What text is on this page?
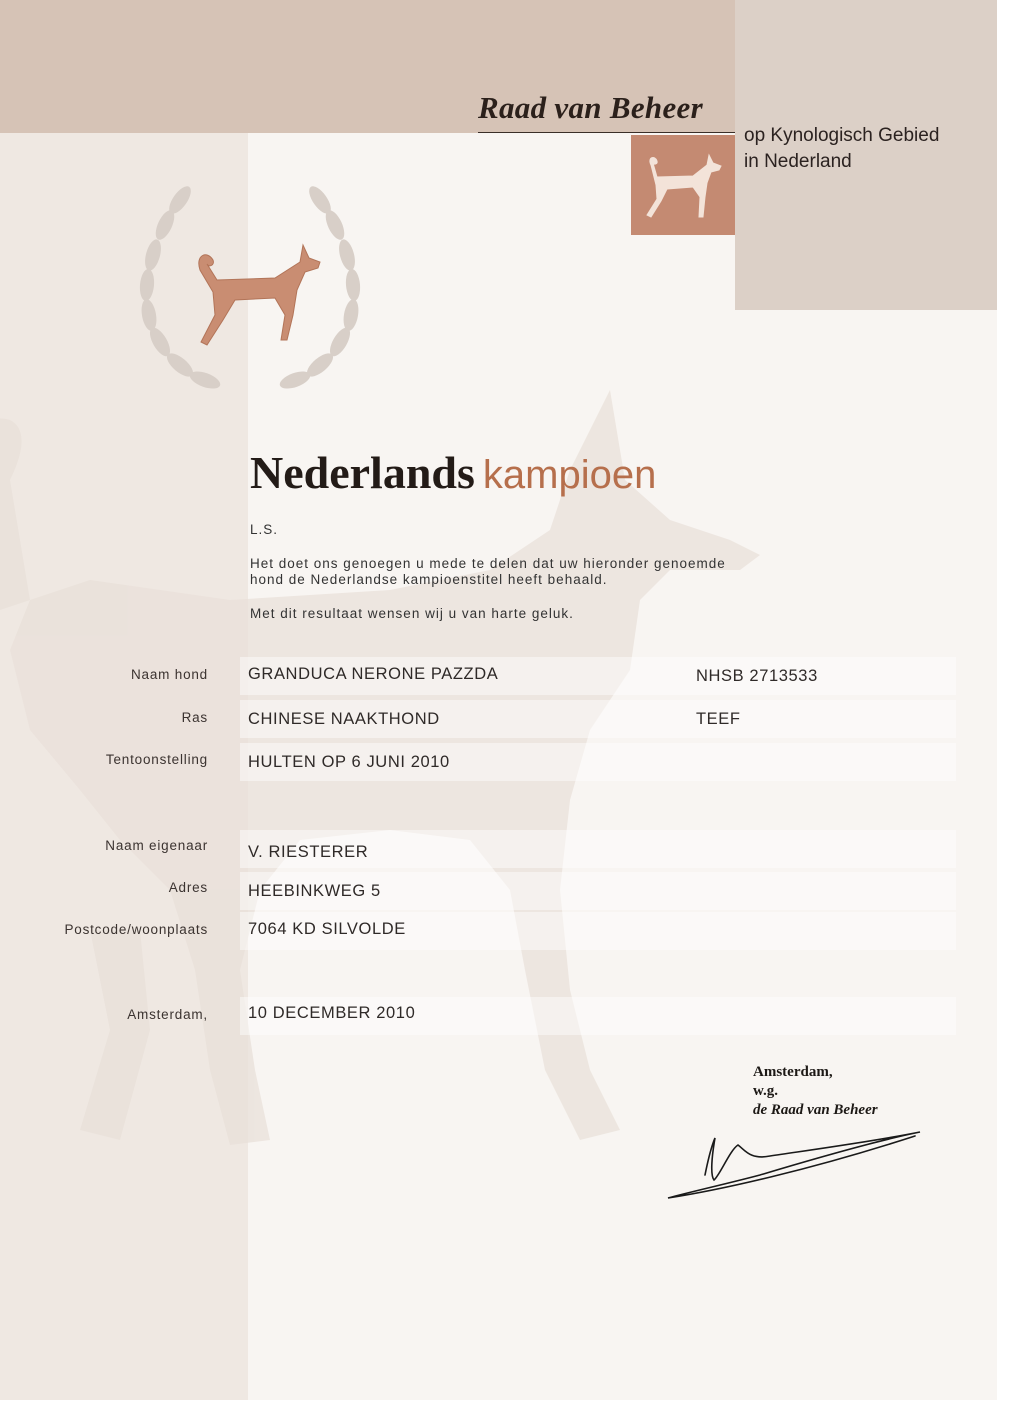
Raad van Beheer
op Kynologisch Gebied
in Nederland
Nederlands kampioen
L.S.
Het doet ons genoegen u mede te delen dat uw hieronder genoemde
hond de Nederlandse kampioenstitel heeft behaald.
Met dit resultaat wensen wij u van harte geluk.
Naam hond GRANDUCA NERONE PAZZDA	NHSB 2713533
Ras CHINESE NAAKTHOND	TEEF
Tentoonstelling HULTEN OP 6 JUNI 2010
Naam eigenaar V. RIESTERER
Adres HEEBINKWEG 5
Postcode/woonplaats 7064 KD SILVOLDE
Amsterdam, 10 DECEMBER 2010
Amsterdam,
w.g.
de Raad van Beheer
